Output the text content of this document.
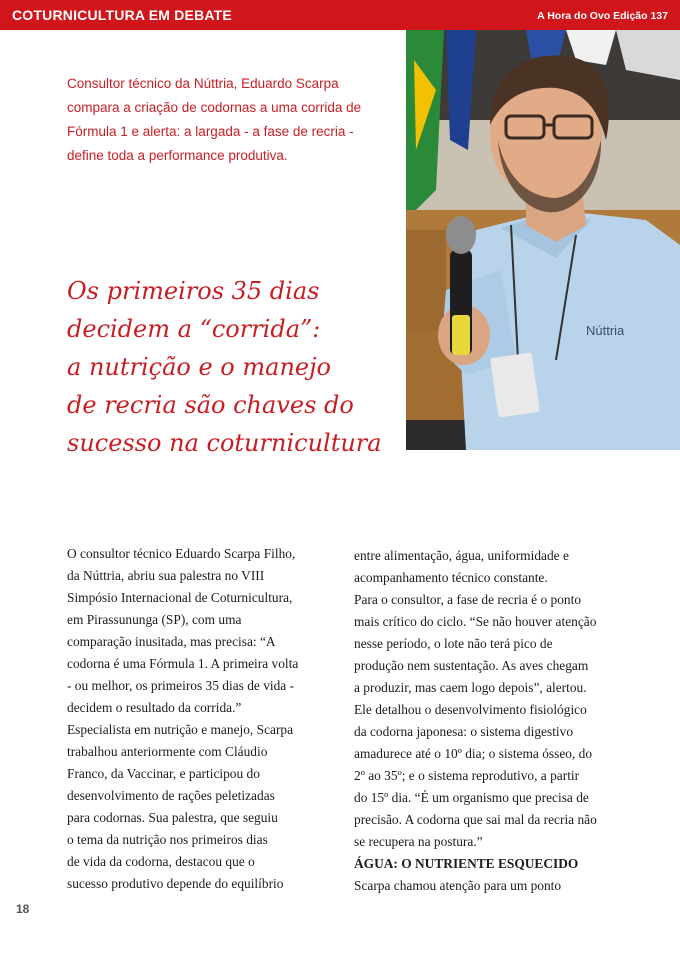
COTURNICULTURA EM DEBATE	A Hora do Ovo Edição 137

Consultor técnico da Núttria, Eduardo Scarpa compara a criação de codornas a uma corrida de Fórmula 1 e alerta: a largada - a fase de recria - define toda a performance produtiva.

Núttria
Os primeiros 35 dias
decidem a “corrida”:
a nutrição e o manejo
de recria são chaves do
sucesso na coturnicultura

O consultor técnico Eduardo Scarpa Filho,

da Núttria, abriu sua palestra no VIII

Simpósio Internacional de Coturnicultura,

em Pirassununga (SP), com uma

comparação inusitada, mas precisa: “A

codorna é uma Fórmula 1. A primeira volta

- ou melhor, os primeiros 35 dias de vida -

decidem o resultado da corrida.”

Especialista em nutrição e manejo, Scarpa

trabalhou anteriormente com Cláudio

Franco, da Vaccinar, e participou do

desenvolvimento de rações peletizadas

para codornas. Sua palestra, que seguiu

o tema da nutrição nos primeiros dias

de vida da codorna, destacou que o

sucesso produtivo depende do equilíbrio

entre alimentação, água, uniformidade e

acompanhamento técnico constante.

Para o consultor, a fase de recria é o ponto

mais crítico do ciclo. “Se não houver atenção

nesse período, o lote não terá pico de

produção nem sustentação. As aves chegam

a produzir, mas caem logo depois”, alertou.

Ele detalhou o desenvolvimento fisiológico

da codorna japonesa: o sistema digestivo

amadurece até o 10º dia; o sistema ósseo, do

2º ao 35º; e o sistema reprodutivo, a partir

do 15º dia. “É um organismo que precisa de

precisão. A codorna que sai mal da recria não

se recupera na postura.”

ÁGUA: O NUTRIENTE ESQUECIDO

Scarpa chamou atenção para um ponto

18
